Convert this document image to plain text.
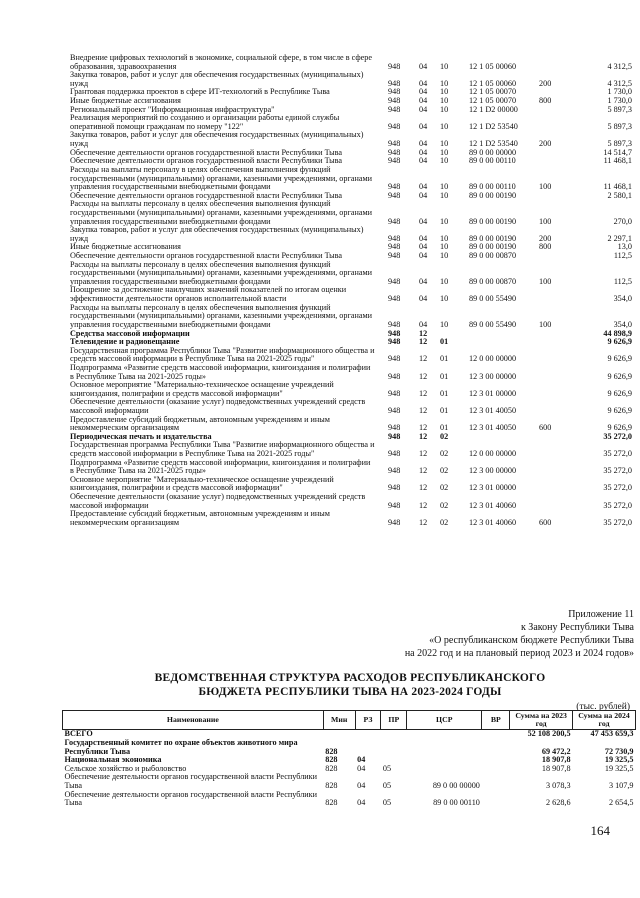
Внедрение цифровых технологий в экономике, социальной сфере, в том числе в сфере образования, здравоохранения	948 04 10	12 1 05 00060	4 312,5
Закупка товаров, работ и услуг для обеспечения государственных (муниципальных) нужд	948 04 10	12 1 05 00060	200	4 312,5
Грантовая поддержка проектов в сфере ИТ-технологий в Республике Тыва	948 04 10	12 1 05 00070	1 730,0
Иные бюджетные ассигнования	948 04 10	12 1 05 00070	800	1 730,0
Региональный проект "Информационная инфраструктура"	948 04 10	12 1 D2 00000	5 897,3
Реализация мероприятий по созданию и организации работы единой службы оперативной помощи гражданам по номеру "122"	948 04 10	12 1 D2 53540	5 897,3
Закупка товаров, работ и услуг для обеспечения государственных (муниципальных) нужд	948 04 10	12 1 D2 53540	200	5 897,3
Обеспечение деятельности органов государственной власти Республики Тыва	948 04 10	89 0 00 00000	14 514,7
Обеспечение деятельности органов государственной власти Республики Тыва	948 04 10	89 0 00 00110	11 468,1
Расходы на выплаты персоналу в целях обеспечения выполнения функций государственными (муниципальными) органами, казенными учреждениями, органами управления государственными внебюджетными фондами	948 04 10	89 0 00 00110	100	11 468,1
Обеспечение деятельности органов государственной власти Республики Тыва	948 04 10	89 0 00 00190	2 580,1
Расходы на выплаты персоналу в целях обеспечения выполнения функций государственными (муниципальными) органами, казенными учреждениями, органами управления государственными внебюджетными фондами	948 04 10	89 0 00 00190	100	270,0
Закупка товаров, работ и услуг для обеспечения государственных (муниципальных) нужд	948 04 10	89 0 00 00190	200	2 297,1
Иные бюджетные ассигнования	948 04 10	89 0 00 00190	800	13,0
Обеспечение деятельности органов государственной власти Республики Тыва	948 04 10	89 0 00 00870	112,5
Расходы на выплаты персоналу в целях обеспечения выполнения функций государственными (муниципальными) органами, казенными учреждениями, органами управления государственными внебюджетными фондами	948 04 10	89 0 00 00870	100	112,5
Поощрение за достижение наилучших значений показателей по итогам оценки эффективности деятельности органов исполнительной власти	948 04 10	89 0 00 55490	354,0
Расходы на выплаты персоналу в целях обеспечения выполнения функций государственными (муниципальными) органами, казенными учреждениями, органами управления государственными внебюджетными фондами	948 04 10	89 0 00 55490	100	354,0
Средства массовой информации	948 12	44 898,9
Телевидение и радиовещание	948 12 01	9 626,9
Государственная программа Республики Тыва "Развитие информационного общества и средств массовой информации в Республике Тыва на 2021-2025 годы"	948 12 01	12 0 00 00000	9 626,9
Подпрограмма «Развитие средств массовой информации, книгоиздания и полиграфии в Республике Тыва на 2021-2025 годы»	948 12 01	12 3 00 00000	9 626,9
Основное мероприятие "Материально-техническое оснащение учреждений книгоиздания, полиграфии и средств массовой информации"	948 12 01	12 3 01 00000	9 626,9
Обеспечение деятельности (оказание услуг) подведомственных учреждений средств массовой информации	948 12 01	12 3 01 40050	9 626,9
Предоставление субсидий бюджетным, автономным учреждениям и иным некоммерческим организациям	948 12 01	12 3 01 40050	600	9 626,9
Периодическая печать и издательства	948 12 02	35 272,0
Государственная программа Республики Тыва "Развитие информационного общества и средств массовой информации в Республике Тыва на 2021-2025 годы"	948 12 02	12 0 00 00000	35 272,0
Подпрограмма «Развитие средств массовой информации, книгоиздания и полиграфии в Республике Тыва на 2021-2025 годы»	948 12 02	12 3 00 00000	35 272,0
Основное мероприятие "Материально-техническое оснащение учреждений книгоиздания, полиграфии и средств массовой информации"	948 12 02	12 3 01 00000	35 272,0
Обеспечение деятельности (оказание услуг) подведомственных учреждений средств массовой информации	948 12 02	12 3 01 40060	35 272,0
Предоставление субсидий бюджетным, автономным учреждениям и иным некоммерческим организациям	948 12 02	12 3 01 40060	600	35 272,0
Приложение 11
к Закону Республики Тыва
«О республиканском бюджете Республики Тыва
на 2022 год и на плановый период 2023 и 2024 годов»
ВЕДОМСТВЕННАЯ СТРУКТУРА РАСХОДОВ РЕСПУБЛИКАНСКОГО
БЮДЖЕТА РЕСПУБЛИКИ ТЫВА НА 2023-2024 ГОДЫ
(тыс. рублей)
Наименование	Мин	РЗ	ПР	ЦСР	ВР	Сумма на 2023 год	Сумма на 2024 год
ВСЕГО						52 108 200,5	47 453 659,3
Государственный комитет по охране объектов животного мира Республики Тыва	828					69 472,2	72 730,9
Национальная экономика	828	04				18 907,8	19 325,5
Сельское хозяйство и рыболовство	828	04	05			18 907,8	19 325,5
Обеспечение деятельности органов государственной власти Республики Тыва	828	04	05	89 0 00 00000		3 078,3	3 107,9
Обеспечение деятельности органов государственной власти Республики Тыва	828	04	05	89 0 00 00110		2 628,6	2 654,5
164
